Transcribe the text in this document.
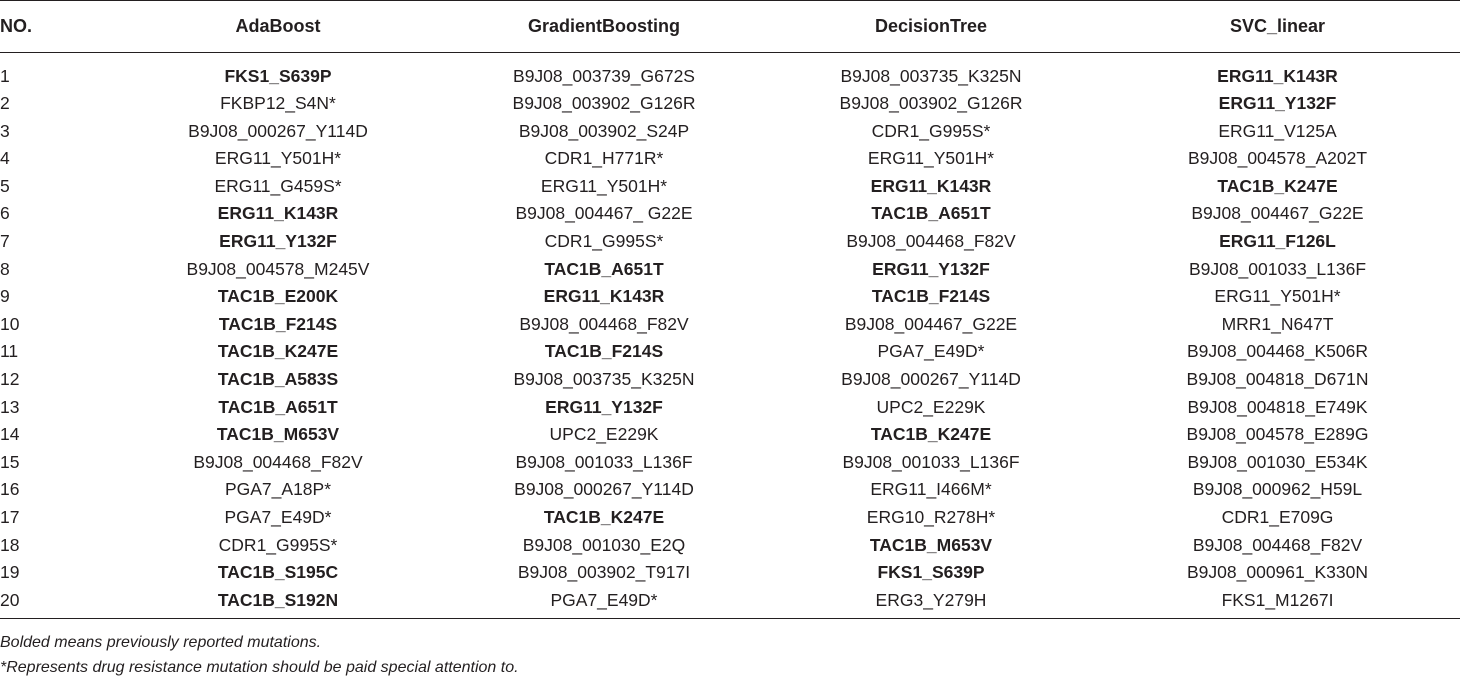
NO.	AdaBoost	GradientBoosting	DecisionTree	SVC_linear

1	FKS1_S639P	B9J08_003739_G672S	B9J08_003735_K325N	ERG11_K143R
2	FKBP12_S4N*	B9J08_003902_G126R	B9J08_003902_G126R	ERG11_Y132F
3	B9J08_000267_Y114D	B9J08_003902_S24P	CDR1_G995S*	ERG11_V125A
4	ERG11_Y501H*	CDR1_H771R*	ERG11_Y501H*	B9J08_004578_A202T
5	ERG11_G459S*	ERG11_Y501H*	ERG11_K143R	TAC1B_K247E
6	ERG11_K143R	B9J08_004467_ G22E	TAC1B_A651T	B9J08_004467_G22E
7	ERG11_Y132F	CDR1_G995S*	B9J08_004468_F82V	ERG11_F126L
8	B9J08_004578_M245V	TAC1B_A651T	ERG11_Y132F	B9J08_001033_L136F
9	TAC1B_E200K	ERG11_K143R	TAC1B_F214S	ERG11_Y501H*
10	TAC1B_F214S	B9J08_004468_F82V	B9J08_004467_G22E	MRR1_N647T
11	TAC1B_K247E	TAC1B_F214S	PGA7_E49D*	B9J08_004468_K506R
12	TAC1B_A583S	B9J08_003735_K325N	B9J08_000267_Y114D	B9J08_004818_D671N
13	TAC1B_A651T	ERG11_Y132F	UPC2_E229K	B9J08_004818_E749K
14	TAC1B_M653V	UPC2_E229K	TAC1B_K247E	B9J08_004578_E289G
15	B9J08_004468_F82V	B9J08_001033_L136F	B9J08_001033_L136F	B9J08_001030_E534K
16	PGA7_A18P*	B9J08_000267_Y114D	ERG11_I466M*	B9J08_000962_H59L
17	PGA7_E49D*	TAC1B_K247E	ERG10_R278H*	CDR1_E709G
18	CDR1_G995S*	B9J08_001030_E2Q	TAC1B_M653V	B9J08_004468_F82V
19	TAC1B_S195C	B9J08_003902_T917I	FKS1_S639P	B9J08_000961_K330N
20	TAC1B_S192N	PGA7_E49D*	ERG3_Y279H	FKS1_M1267I
Bolded means previously reported mutations.
*Represents drug resistance mutation should be paid special attention to.
